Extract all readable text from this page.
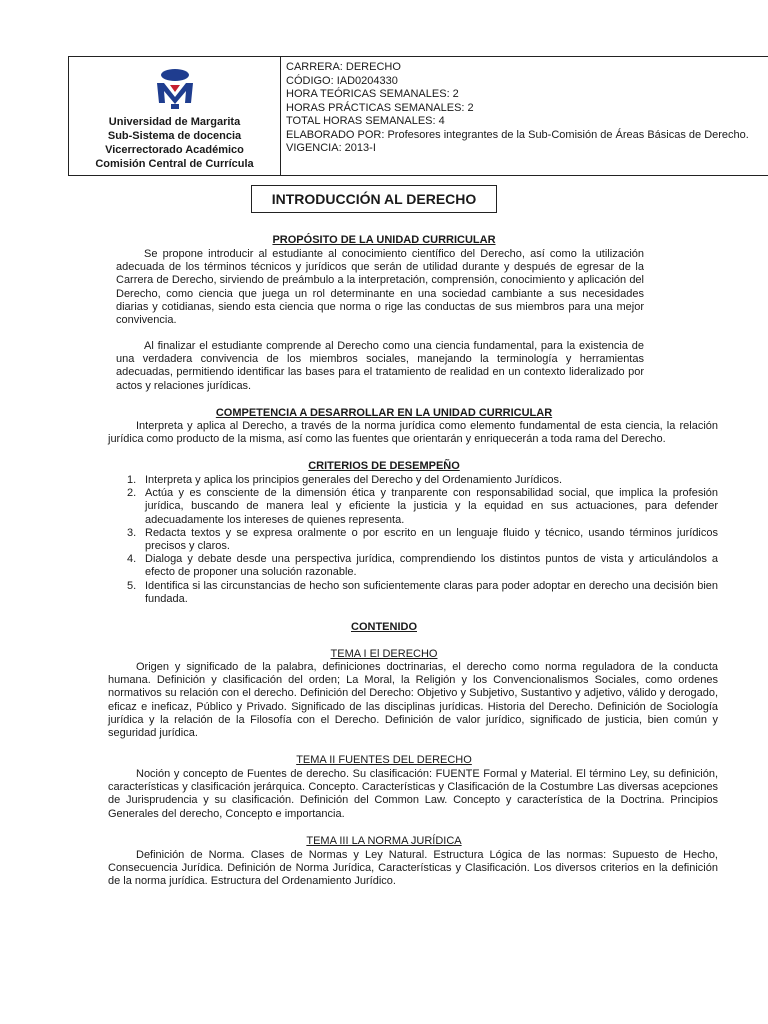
Universidad de Margarita
Sub-Sistema de docencia
Vicerrectorado Académico
Comisión Central de Currícula
CARRERA: DERECHO
CÓDIGO: IAD0204330
HORA TEÓRICAS SEMANALES: 2
HORAS PRÁCTICAS SEMANALES: 2
TOTAL HORAS SEMANALES: 4
ELABORADO POR: Profesores integrantes de la Sub-Comisión de Áreas Básicas de Derecho.
VIGENCIA: 2013-I
INTRODUCCIÓN AL DERECHO
PROPÓSITO DE LA UNIDAD CURRICULAR
Se propone introducir al estudiante al conocimiento científico del Derecho, así como la utilización adecuada de los términos técnicos y jurídicos que serán de utilidad durante y después de egresar de la Carrera de Derecho, sirviendo de preámbulo a la interpretación, comprensión, conocimiento y aplicación del Derecho, como ciencia que juega un rol determinante en una sociedad cambiante a sus necesidades diarias y cotidianas, siendo esta ciencia que norma o rige las conductas de sus miembros para una mejor convivencia.
Al finalizar el estudiante comprende al Derecho como una ciencia fundamental, para la existencia de una verdadera convivencia de los miembros sociales, manejando la terminología y herramientas adecuadas, permitiendo identificar las bases para el tratamiento de realidad en un contexto lideralizado por actos y relaciones jurídicas.
COMPETENCIA A DESARROLLAR EN LA UNIDAD CURRICULAR
Interpreta y aplica al Derecho, a través de la norma jurídica como elemento fundamental de esta ciencia, la relación jurídica como producto de la misma, así como las fuentes que orientarán y enriquecerán a toda rama del Derecho.
CRITERIOS DE DESEMPEÑO
1. Interpreta y aplica los principios generales del Derecho y del Ordenamiento Jurídicos.
2. Actúa y es consciente de la dimensión ética y tranparente con responsabilidad social, que implica la profesión jurídica, buscando de manera leal y eficiente la justicia y la equidad en sus actuaciones, para defender adecuadamente los intereses de quienes representa.
3. Redacta textos y se expresa oralmente o por escrito en un lenguaje fluido y técnico, usando términos jurídicos precisos y claros.
4. Dialoga y debate desde una perspectiva jurídica, comprendiendo los distintos puntos de vista y articulándolos a efecto de proponer una solución razonable.
5. Identifica si las circunstancias de hecho son suficientemente claras para poder adoptar en derecho una decisión bien fundada.
CONTENIDO
TEMA I El DERECHO
Origen y significado de la palabra, definiciones doctrinarias, el derecho como norma reguladora de la conducta humana. Definición y clasificación del orden; La Moral, la Religión y los Convencionalismos Sociales, como ordenes normativos su relación con el derecho. Definición del Derecho: Objetivo y Subjetivo, Sustantivo y adjetivo, válido y derogado, eficaz e ineficaz, Público y Privado. Significado de las disciplinas jurídicas. Historia del Derecho. Definición de Sociología jurídica y la relación de la Filosofía con el Derecho. Definición de valor jurídico, significado de justicia, bien común y seguridad jurídica.
TEMA II FUENTES DEL DERECHO
Noción y concepto de Fuentes de derecho. Su clasificación: FUENTE Formal y Material. El término Ley, su definición, características y clasificación jerárquica. Concepto. Características y Clasificación de la Costumbre Las diversas acepciones de Jurisprudencia y su clasificación. Definición del Common Law. Concepto y característica de la Doctrina. Principios Generales del derecho, Concepto e importancia.
TEMA III LA NORMA JURÍDICA
Definición de Norma. Clases de Normas y Ley Natural. Estructura Lógica de las normas: Supuesto de Hecho, Consecuencia Jurídica. Definición de Norma Jurídica, Características y Clasificación. Los diversos criterios en la definición de la norma jurídica. Estructura del Ordenamiento Jurídico.
